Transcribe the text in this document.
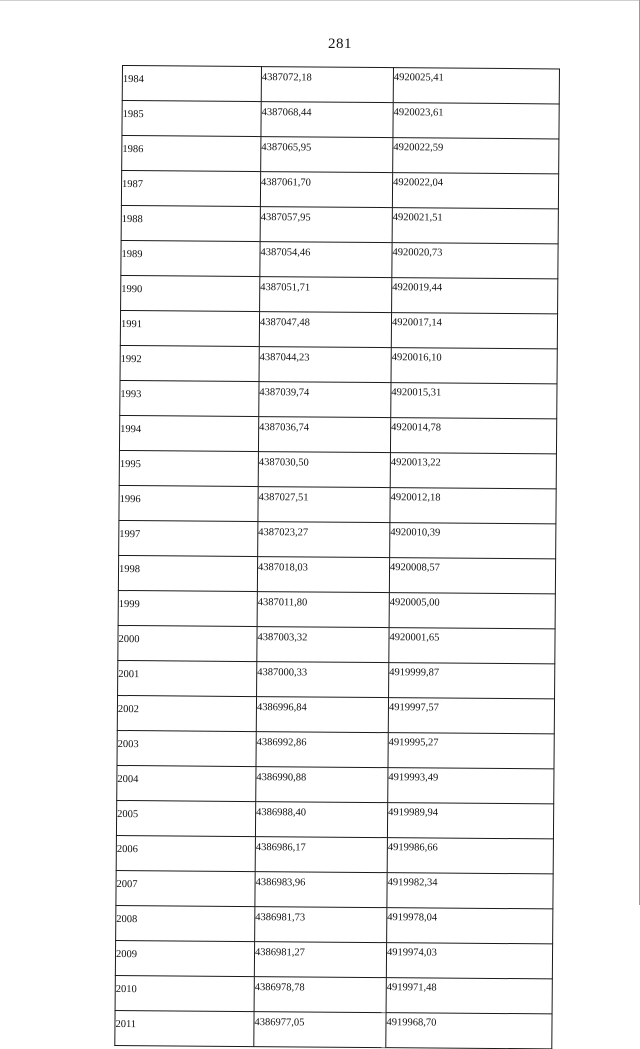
281
1984	4387072,18	4920025,41
1985	4387068,44	4920023,61
1986	4387065,95	4920022,59
1987	4387061,70	4920022,04
1988	4387057,95	4920021,51
1989	4387054,46	4920020,73
1990	4387051,71	4920019,44
1991	4387047,48	4920017,14
1992	4387044,23	4920016,10
1993	4387039,74	4920015,31
1994	4387036,74	4920014,78
1995	4387030,50	4920013,22
1996	4387027,51	4920012,18
1997	4387023,27	4920010,39
1998	4387018,03	4920008,57
1999	4387011,80	4920005,00
2000	4387003,32	4920001,65
2001	4387000,33	4919999,87
2002	4386996,84	4919997,57
2003	4386992,86	4919995,27
2004	4386990,88	4919993,49
2005	4386988,40	4919989,94
2006	4386986,17	4919986,66
2007	4386983,96	4919982,34
2008	4386981,73	4919978,04
2009	4386981,27	4919974,03
2010	4386978,78	4919971,48
2011	4386977,05	4919968,70
